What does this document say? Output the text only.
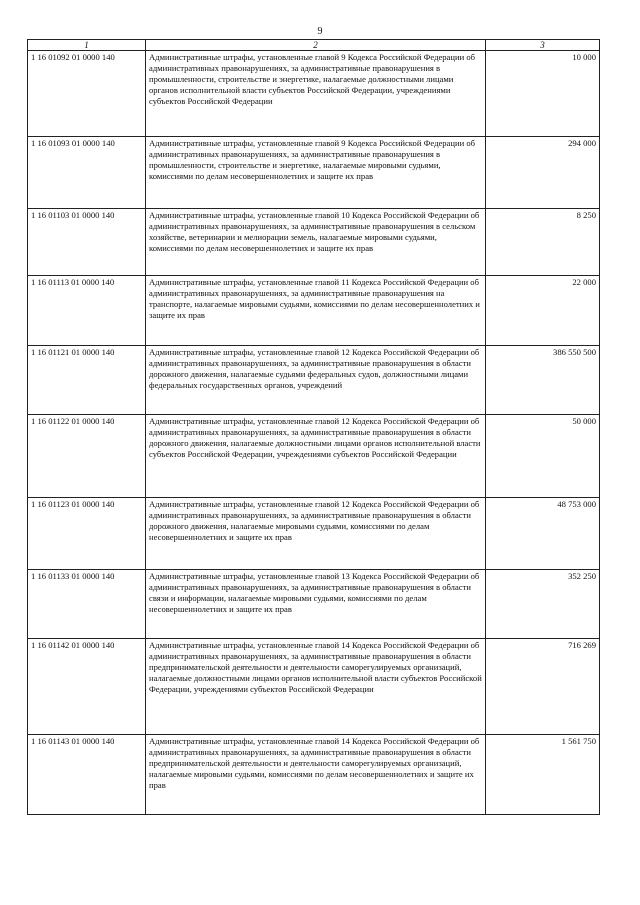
9
1	2	3
1 16 01092 01 0000 140	Административные штрафы, установленные главой 9 Кодекса Российской Федерации об административных правонарушениях, за административные правонарушения в промышленности, строительстве и энергетике, налагаемые должностными лицами органов исполнительной власти субъектов Российской Федерации, учреждениями субъектов Российской Федерации	10 000
1 16 01093 01 0000 140	Административные штрафы, установленные главой 9 Кодекса Российской Федерации об административных правонарушениях, за административные правонарушения в промышленности, строительстве и энергетике, налагаемые мировыми судьями, комиссиями по делам несовершеннолетних и защите их прав	294 000
1 16 01103 01 0000 140	Административные штрафы, установленные главой 10 Кодекса Российской Федерации об административных правонарушениях, за административные правонарушения в сельском хозяйстве, ветеринарии и мелиорации земель, налагаемые мировыми судьями, комиссиями по делам несовершеннолетних и защите их прав	8 250
1 16 01113 01 0000 140	Административные штрафы, установленные главой 11 Кодекса Российской Федерации об административных правонарушениях, за административные правонарушения на транспорте, налагаемые мировыми судьями, комиссиями по делам несовершеннолетних и защите их прав	22 000
1 16 01121 01 0000 140	Административные штрафы, установленные главой 12 Кодекса Российской Федерации об административных правонарушениях, за административные правонарушения в области дорожного движения, налагаемые судьями федеральных судов, должностными лицами федеральных государственных органов, учреждений	386 550 500
1 16 01122 01 0000 140	Административные штрафы, установленные главой 12 Кодекса Российской Федерации об административных правонарушениях, за административные правонарушения в области дорожного движения, налагаемые должностными лицами органов исполнительной власти субъектов Российской Федерации, учреждениями субъектов Российской Федерации	50 000
1 16 01123 01 0000 140	Административные штрафы, установленные главой 12 Кодекса Российской Федерации об административных правонарушениях, за административные правонарушения в области дорожного движения, налагаемые мировыми судьями, комиссиями по делам несовершеннолетних и защите их прав	48 753 000
1 16 01133 01 0000 140	Административные штрафы, установленные главой 13 Кодекса Российской Федерации об административных правонарушениях, за административные правонарушения в области связи и информации, налагаемые мировыми судьями, комиссиями по делам несовершеннолетних и защите их прав	352 250
1 16 01142 01 0000 140	Административные штрафы, установленные главой 14 Кодекса Российской Федерации об административных правонарушениях, за административные правонарушения в области предпринимательской деятельности и деятельности саморегулируемых организаций, налагаемые должностными лицами органов исполнительной власти субъектов Российской Федерации, учреждениями субъектов Российской Федерации	716 269
1 16 01143 01 0000 140	Административные штрафы, установленные главой 14 Кодекса Российской Федерации об административных правонарушениях, за административные правонарушения в области предпринимательской деятельности и деятельности саморегулируемых организаций, налагаемые мировыми судьями, комиссиями по делам несовершеннолетних и защите их прав	1 561 750
